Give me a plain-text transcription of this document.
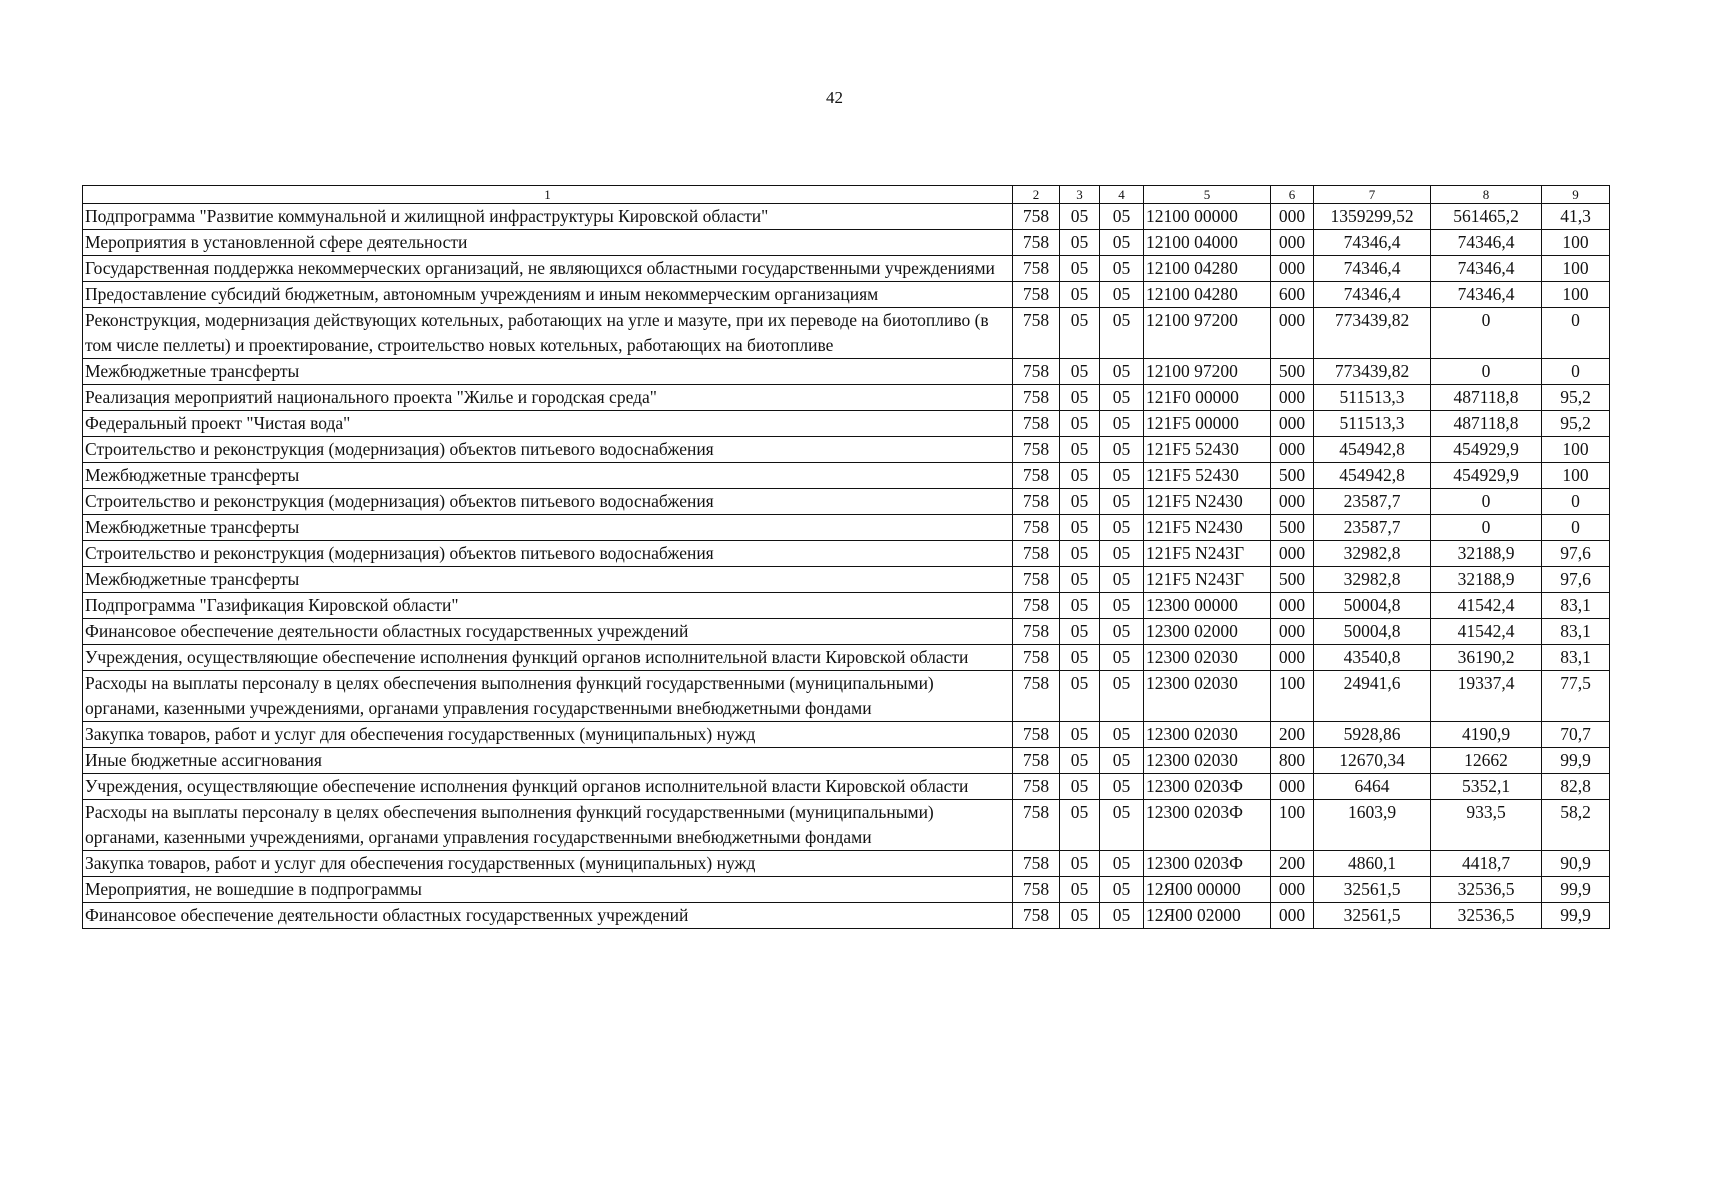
42
1	2	3	4	5	6	7	8	9
Подпрограмма "Развитие коммунальной и жилищной инфраструктуры Кировской области"	758	05	05	12100 00000	000	1359299,52	561465,2	41,3
Мероприятия в установленной сфере деятельности	758	05	05	12100 04000	000	74346,4	74346,4	100
Государственная поддержка некоммерческих организаций, не являющихся областными государственными учреждениями	758	05	05	12100 04280	000	74346,4	74346,4	100
Предоставление субсидий бюджетным, автономным учреждениям и иным некоммерческим организациям	758	05	05	12100 04280	600	74346,4	74346,4	100
Реконструкция, модернизация действующих котельных, работающих на угле и мазуте, при их переводе на биотопливо (в том числе пеллеты) и проектирование, строительство новых котельных, работающих на биотопливе	758	05	05	12100 97200	000	773439,82	0	0
Межбюджетные трансферты	758	05	05	12100 97200	500	773439,82	0	0
Реализация мероприятий национального проекта "Жилье и городская среда"	758	05	05	121F0 00000	000	511513,3	487118,8	95,2
Федеральный проект "Чистая вода"	758	05	05	121F5 00000	000	511513,3	487118,8	95,2
Строительство и реконструкция (модернизация) объектов питьевого водоснабжения	758	05	05	121F5 52430	000	454942,8	454929,9	100
Межбюджетные трансферты	758	05	05	121F5 52430	500	454942,8	454929,9	100
Строительство и реконструкция (модернизация) объектов питьевого водоснабжения	758	05	05	121F5 N2430	000	23587,7	0	0
Межбюджетные трансферты	758	05	05	121F5 N2430	500	23587,7	0	0
Строительство и реконструкция (модернизация) объектов питьевого водоснабжения	758	05	05	121F5 N243Г	000	32982,8	32188,9	97,6
Межбюджетные трансферты	758	05	05	121F5 N243Г	500	32982,8	32188,9	97,6
Подпрограмма "Газификация Кировской области"	758	05	05	12300 00000	000	50004,8	41542,4	83,1
Финансовое обеспечение деятельности областных государственных учреждений	758	05	05	12300 02000	000	50004,8	41542,4	83,1
Учреждения, осуществляющие обеспечение исполнения функций органов исполнительной власти Кировской области	758	05	05	12300 02030	000	43540,8	36190,2	83,1
Расходы на выплаты персоналу в целях обеспечения выполнения функций государственными (муниципальными) органами, казенными учреждениями, органами управления государственными внебюджетными фондами	758	05	05	12300 02030	100	24941,6	19337,4	77,5
Закупка товаров, работ и услуг для обеспечения государственных (муниципальных) нужд	758	05	05	12300 02030	200	5928,86	4190,9	70,7
Иные бюджетные ассигнования	758	05	05	12300 02030	800	12670,34	12662	99,9
Учреждения, осуществляющие обеспечение исполнения функций органов исполнительной власти Кировской области	758	05	05	12300 0203Ф	000	6464	5352,1	82,8
Расходы на выплаты персоналу в целях обеспечения выполнения функций государственными (муниципальными) органами, казенными учреждениями, органами управления государственными внебюджетными фондами	758	05	05	12300 0203Ф	100	1603,9	933,5	58,2
Закупка товаров, работ и услуг для обеспечения государственных (муниципальных) нужд	758	05	05	12300 0203Ф	200	4860,1	4418,7	90,9
Мероприятия, не вошедшие в подпрограммы	758	05	05	12Я00 00000	000	32561,5	32536,5	99,9
Финансовое обеспечение деятельности областных государственных учреждений	758	05	05	12Я00 02000	000	32561,5	32536,5	99,9
